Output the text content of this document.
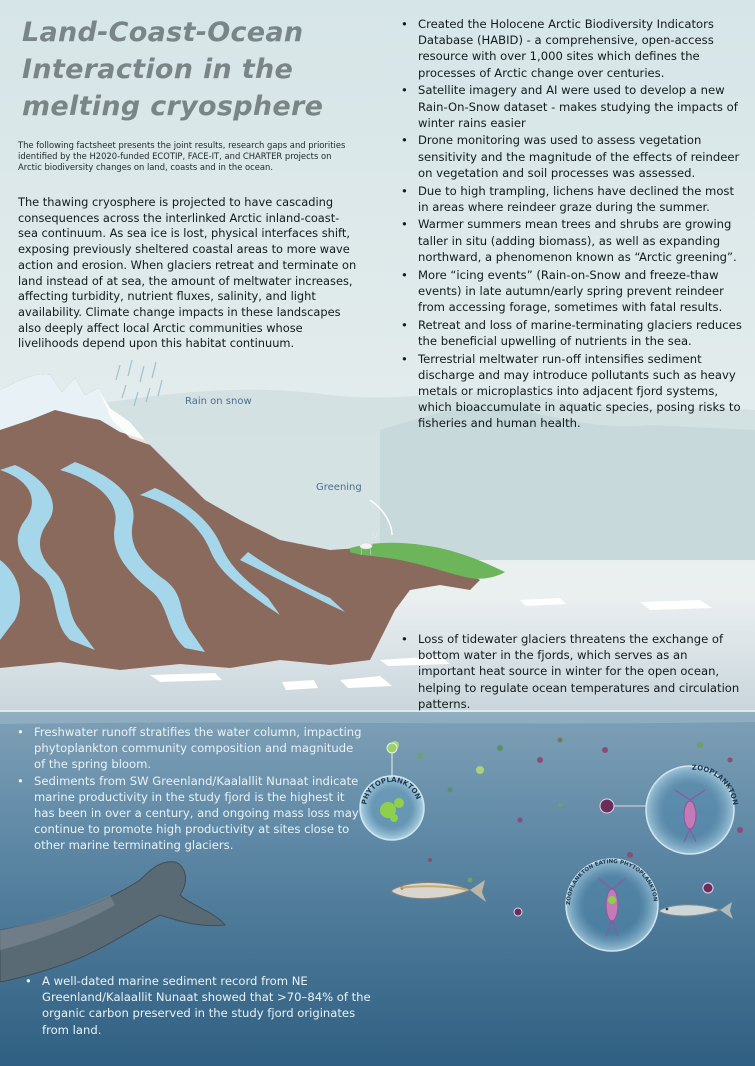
Land-Coast-Ocean
Interaction in the
melting cryosphere

The following factsheet presents the joint results, research gaps and priorities identified by the H2020-funded ECOTIP, FACE-IT, and CHARTER projects on Arctic biodiversity changes on land, coasts and in the ocean.

The thawing cryosphere is projected to have cascading consequences across the interlinked Arctic inland-coast-sea continuum. As sea ice is lost, physical interfaces shift, exposing previously sheltered coastal areas to more wave action and erosion. When glaciers retreat and terminate on land instead of at sea, the amount of meltwater increases, affecting turbidity, nutrient fluxes, salinity, and light availability. Climate change impacts in these landscapes also deeply affect local Arctic communities whose livelihoods depend upon this habitat continuum.

Rain on snow
Greening
• Created the Holocene Arctic Biodiversity Indicators Database (HABID) - a comprehensive, open-access resource with over 1,000 sites which defines the processes of Arctic change over centuries.
• Satellite imagery and AI were used to develop a new Rain-On-Snow dataset - makes studying the impacts of winter rains easier
• Drone monitoring was used to assess vegetation sensitivity and the magnitude of the effects of reindeer on vegetation and soil processes was assessed.
• Due to high trampling, lichens have declined the most in areas where reindeer graze during the summer.
• Warmer summers mean trees and shrubs are growing taller in situ (adding biomass), as well as expanding northward, a phenomenon known as “Arctic greening”.
• More “icing events” (Rain-on-Snow and freeze-thaw events) in late autumn/early spring prevent reindeer from accessing forage, sometimes with fatal results.
• Retreat and loss of marine-terminating glaciers reduces the beneficial upwelling of nutrients in the sea.
• Terrestrial meltwater run-off intensifies sediment discharge and may introduce pollutants such as heavy metals or microplastics into adjacent fjord systems, which bioaccumulate in aquatic species, posing risks to fisheries and human health.
• Loss of tidewater glaciers threatens the exchange of bottom water in the fjords, which serves as an important heat source in winter for the open ocean, helping to regulate ocean temperatures and circulation patterns.
• Freshwater runoff stratifies the water column, impacting phytoplankton community composition and magnitude of the spring bloom.
• Sediments from SW Greenland/Kaalallit Nunaat indicate marine productivity in the study fjord is the highest it has been in over a century, and ongoing mass loss may continue to promote high productivity at sites close to other marine terminating glaciers.
• A well-dated marine sediment record from NE Greenland/Kalaallit Nunaat showed that >70–84% of the organic carbon preserved in the study fjord originates from land.
PHYTOPLANKTON
ZOOPLANKTON
ZOOPLANKTON EATING PHYTOPLANKTON
